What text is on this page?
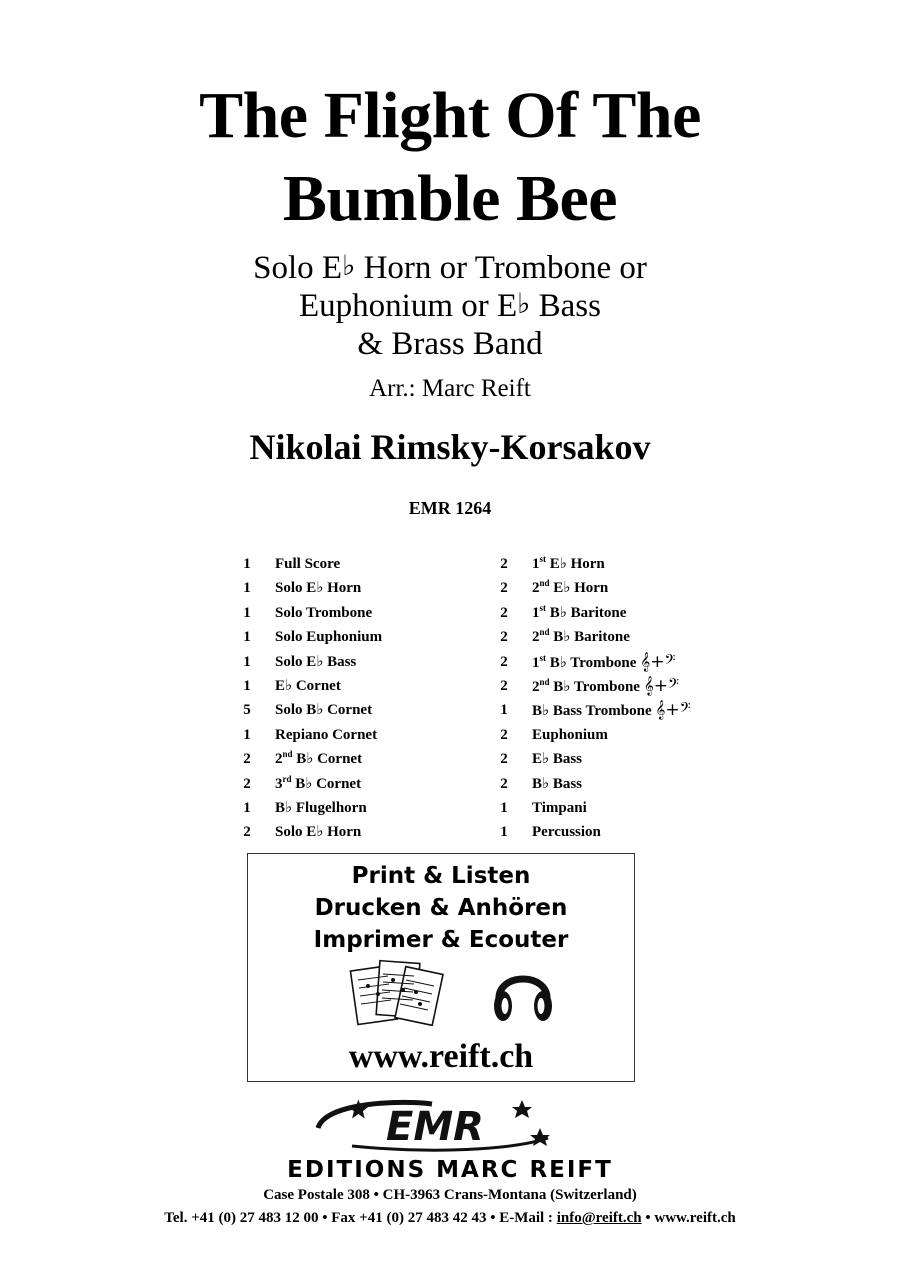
The Flight Of The
Bumble Bee
Solo E♭ Horn or Trombone or
Euphonium or E♭ Bass
& Brass Band
Arr.: Marc Reift
Nikolai Rimsky-Korsakov
EMR 1264
1 Full Score
1 Solo E♭ Horn
1 Solo Trombone
1 Solo Euphonium
1 Solo E♭ Bass
1 E♭ Cornet
5 Solo B♭ Cornet
1 Repiano Cornet
2 2nd B♭ Cornet
2 3rd B♭ Cornet
1 B♭ Flugelhorn
2 Solo E♭ Horn
2 1st E♭ Horn
2 2nd E♭ Horn
2 1st B♭ Baritone
2 2nd B♭ Baritone
2 1st B♭ Trombone 𝄞+𝄢
2 2nd B♭ Trombone 𝄞+𝄢
1 B♭ Bass Trombone 𝄞+𝄢
2 Euphonium
2 E♭ Bass
2 B♭ Bass
1 Timpani
1 Percussion
Print & Listen
Drucken & Anhören
Imprimer & Ecouter
www.reift.ch
EMR
EDITIONS MARC REIFT
Case Postale 308 • CH-3963 Crans-Montana (Switzerland)
Tel. +41 (0) 27 483 12 00 • Fax +41 (0) 27 483 42 43 • E-Mail : info@reift.ch • www.reift.ch
